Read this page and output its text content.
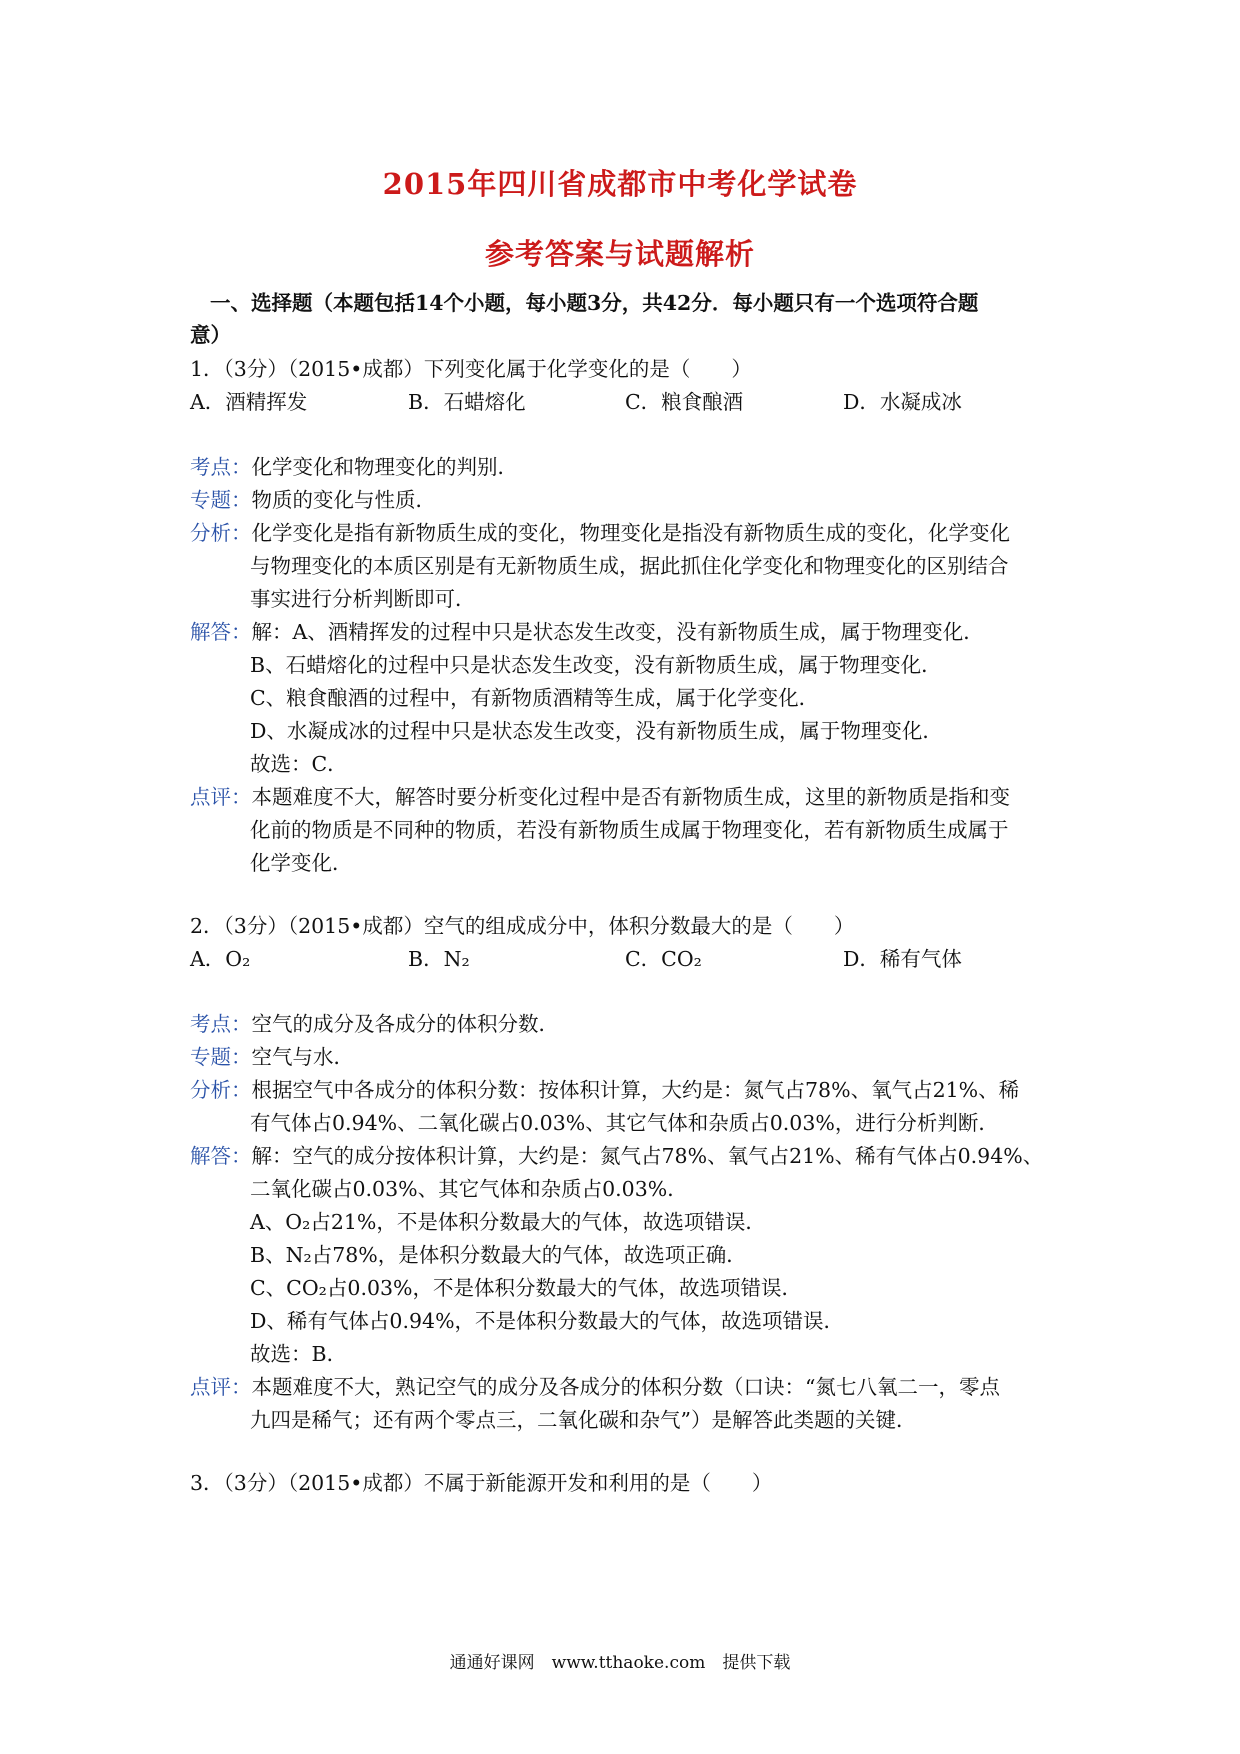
2015年四川省成都市中考化学试卷
参考答案与试题解析
一、选择题（本题包括14个小题，每小题3分，共42分．每小题只有一个选项符合题
意）
1．（3分）（2015•成都）下列变化属于化学变化的是（　　）
A．酒精挥发	B．石蜡熔化	C．粮食酿酒	D．水凝成冰
考点：化学变化和物理变化的判别．
专题：物质的变化与性质．
分析：化学变化是指有新物质生成的变化，物理变化是指没有新物质生成的变化，化学变化
与物理变化的本质区别是有无新物质生成，据此抓住化学变化和物理变化的区别结合
事实进行分析判断即可．
解答：解：A、酒精挥发的过程中只是状态发生改变，没有新物质生成，属于物理变化．
B、石蜡熔化的过程中只是状态发生改变，没有新物质生成，属于物理变化．
C、粮食酿酒的过程中，有新物质酒精等生成，属于化学变化．
D、水凝成冰的过程中只是状态发生改变，没有新物质生成，属于物理变化．
故选：C．
点评：本题难度不大，解答时要分析变化过程中是否有新物质生成，这里的新物质是指和变
化前的物质是不同种的物质，若没有新物质生成属于物理变化，若有新物质生成属于
化学变化．
2．（3分）（2015•成都）空气的组成成分中，体积分数最大的是（　　）
A．O₂	B．N₂	C．CO₂	D．稀有气体
考点：空气的成分及各成分的体积分数．
专题：空气与水．
分析：根据空气中各成分的体积分数：按体积计算，大约是：氮气占78%、氧气占21%、稀
有气体占0.94%、二氧化碳占0.03%、其它气体和杂质占0.03%，进行分析判断．
解答：解：空气的成分按体积计算，大约是：氮气占78%、氧气占21%、稀有气体占0.94%、
二氧化碳占0.03%、其它气体和杂质占0.03%．
A、O₂占21%，不是体积分数最大的气体，故选项错误．
B、N₂占78%，是体积分数最大的气体，故选项正确．
C、CO₂占0.03%，不是体积分数最大的气体，故选项错误．
D、稀有气体占0.94%，不是体积分数最大的气体，故选项错误．
故选：B．
点评：本题难度不大，熟记空气的成分及各成分的体积分数（口诀：“氮七八氧二一，零点
九四是稀气；还有两个零点三，二氧化碳和杂气”）是解答此类题的关键．
3．（3分）（2015•成都）不属于新能源开发和利用的是（　　）
通通好课网　www.tthaoke.com　提供下载
